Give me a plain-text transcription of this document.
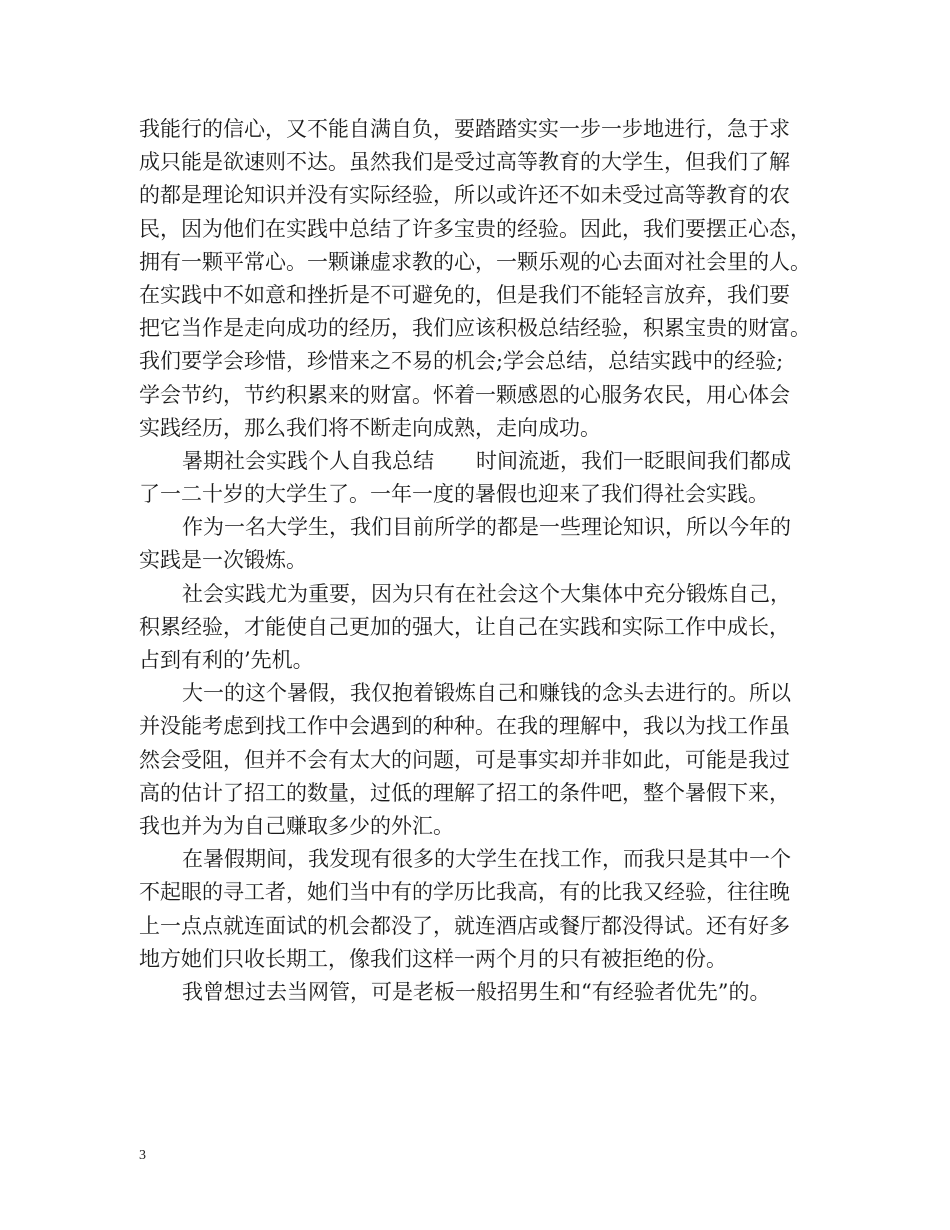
我能行的信心，又不能自满自负，要踏踏实实一步一步地进行，急于求
成只能是欲速则不达。虽然我们是受过高等教育的大学生，但我们了解
的都是理论知识并没有实际经验，所以或许还不如未受过高等教育的农
民，因为他们在实践中总结了许多宝贵的经验。因此，我们要摆正心态，
拥有一颗平常心。一颗谦虚求教的心，一颗乐观的心去面对社会里的人。
在实践中不如意和挫折是不可避免的，但是我们不能轻言放弃，我们要
把它当作是走向成功的经历，我们应该积极总结经验，积累宝贵的财富。
我们要学会珍惜，珍惜来之不易的机会;学会总结，总结实践中的经验;
学会节约，节约积累来的财富。怀着一颗感恩的心服务农民，用心体会
实践经历，那么我们将不断走向成熟，走向成功。
暑期社会实践个人自我总结 时间流逝，我们一眨眼间我们都成
了一二十岁的大学生了。一年一度的暑假也迎来了我们得社会实践。
作为一名大学生，我们目前所学的都是一些理论知识，所以今年的
实践是一次锻炼。
社会实践尤为重要，因为只有在社会这个大集体中充分锻炼自己，
积累经验，才能使自己更加的强大，让自己在实践和实际工作中成长，
占到有利的’先机。
大一的这个暑假，我仅抱着锻炼自己和赚钱的念头去进行的。所以
并没能考虑到找工作中会遇到的种种。在我的理解中，我以为找工作虽
然会受阻，但并不会有太大的问题，可是事实却并非如此，可能是我过
高的估计了招工的数量，过低的理解了招工的条件吧，整个暑假下来，
我也并为为自己赚取多少的外汇。
在暑假期间，我发现有很多的大学生在找工作，而我只是其中一个
不起眼的寻工者，她们当中有的学历比我高，有的比我又经验，往往晚
上一点点就连面试的机会都没了，就连酒店或餐厅都没得试。还有好多
地方她们只收长期工，像我们这样一两个月的只有被拒绝的份。
我曾想过去当网管，可是老板一般招男生和“有经验者优先”的。
3
